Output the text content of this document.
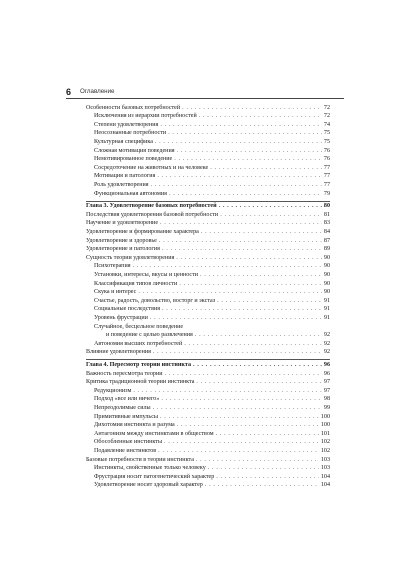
6 Оглавление
Особенности базовых потребностей . . .	72
Исключения из иерархии потребностей . . .	72
Степени удовлетворения . . .	74
Неосознанные потребности . . .	75
Культурная специфика . . .	75
Сложная мотивация поведения . . .	76
Немотивированное поведение . . .	76
Сосредоточение на животных и на человеке . . .	77
Мотивация и патология . . .	77
Роль удовлетворения . . .	77
Функциональная автономия . . .	79
Глава 3. Удовлетворение базовых потребностей . . .	80
Последствия удовлетворения базовой потребности . . .	81
Научение и удовлетворение . . .	83
Удовлетворение и формирование характера . . .	84
Удовлетворение и здоровье . . .	87
Удовлетворение и патология . . .	89
Сущность теории удовлетворения . . .	90
Психотерапия . . .	90
Установки, интересы, вкусы и ценности . . .	90
Классификация типов личности . . .	90
Скука и интерес . . .	90
Счастье, радость, довольство, восторг и экстаз . . .	91
Социальные последствия . . .	91
Уровень фрустрации . . .	91
Случайное, бесцельное поведение
и поведение с целью развлечения . . .	92
Автономия высших потребностей . . .	92
Влияние удовлетворения . . .	92
Глава 4. Пересмотр теории инстинкта . . .	96
Важность пересмотра теории . . .	96
Критика традиционной теории инстинкта . . .	97
Редукционизм . . .	97
Подход «все или ничего» . . .	98
Непреодолимые силы . . .	99
Примитивные импульсы . . .	100
Дихотомия инстинкта и разума . . .	100
Антагонизм между инстинктами в обществом . . .	101
Обособленные инстинкты . . .	102
Подавление инстинктов . . .	102
Базовые потребности в теории инстинкта . . .	103
Инстинкты, свойственные только человеку . . .	103
Фрустрация носит патогенетический характер . . .	104
Удовлетворение носит здоровый характер . . .	104
